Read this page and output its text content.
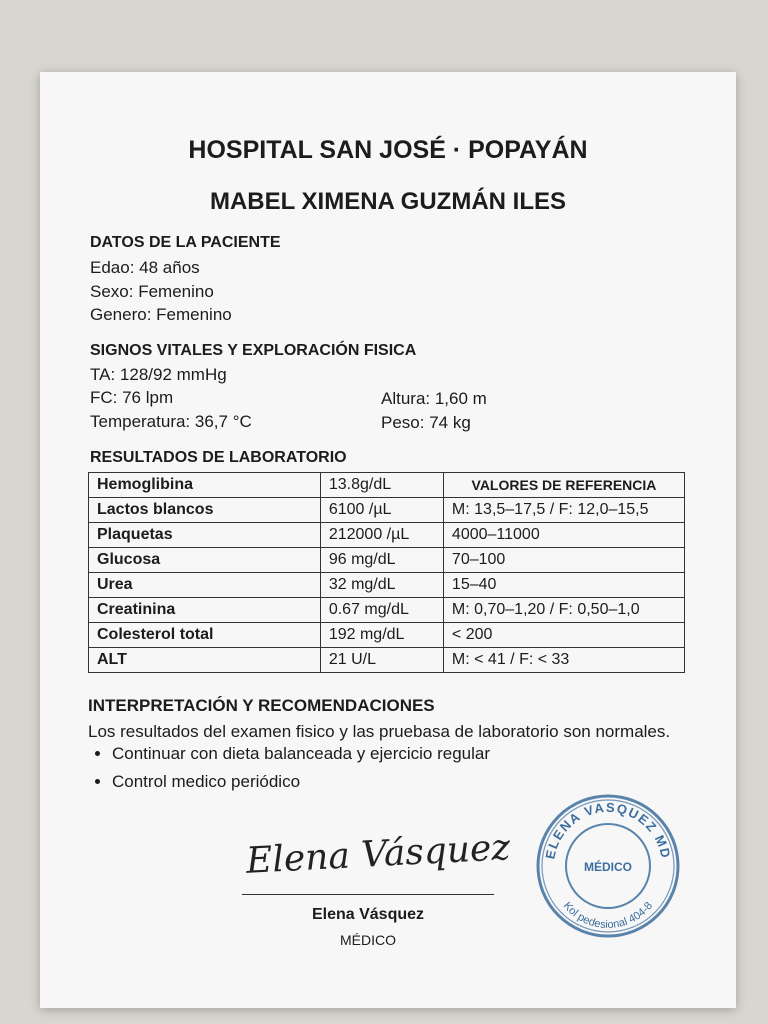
HOSPITAL SAN JOSÉ · POPAYÁN
MABEL XIMENA GUZMÁN ILES
DATOS DE LA PACIENTE
Edao: 48 años
Sexo: Femenino
Genero: Femenino
SIGNOS VITALES Y EXPLORACIÓN FISICA
TA: 128/92 mmHg
FC: 76 lpm
Temperatura: 36,7 °C
Altura: 1,60 m
Peso: 74 kg
RESULTADOS DE LABORATORIO
Hemoglibina	13.8g/dL	VALORES DE REFERENCIA
Lactos blancos	6100 /µL	M: 13,5–17,5 / F: 12,0–15,5
Plaquetas	212000 /µL	4000–11000
Glucosa	96 mg/dL	70–100
Urea	32 mg/dL	15–40
Creatinina	0.67 mg/dL	M: 0,70–1,20 / F: 0,50–1,0
Colesterol total	192 mg/dL	< 200
ALT	21 U/L	M: < 41 / F: < 33
INTERPRETACIÓN Y RECOMENDACIONES
Los resultados del examen fisico y las pruebasa de laboratorio son normales.
• Continuar con dieta balanceada y ejercicio regular
• Control medico periódico
Elena Vásquez
Elena Vásquez
MÉDICO
ELENA VASQUEZ MD
MÉDICO
Kol pedesional 404-8
